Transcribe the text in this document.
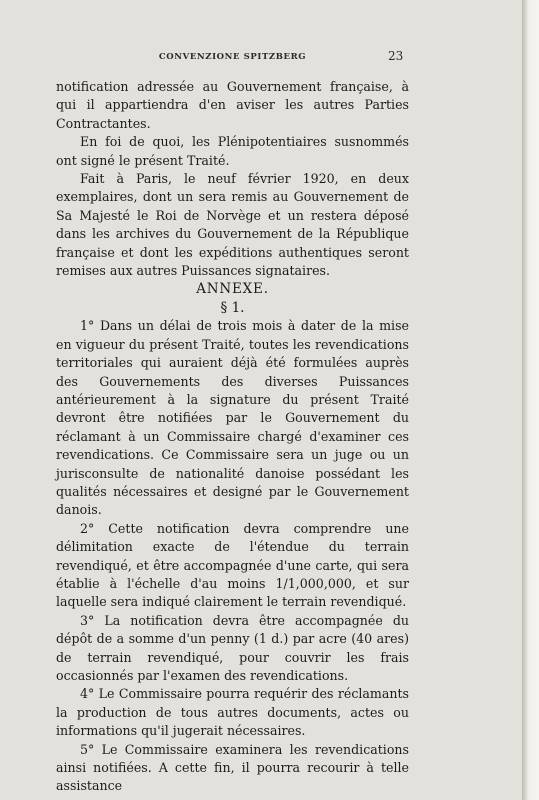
CONVENZIONE SPITZBERG	23

notification adressée au Gouvernement française, à qui il appartiendra d'en aviser les autres Parties Contractantes.

En foi de quoi, les Plénipotentiaires susnommés ont signé le présent Traité.

Fait à Paris, le neuf février 1920, en deux exemplaires, dont un sera remis au Gouvernement de Sa Majesté le Roi de Norvège et un restera déposé dans les archives du Gouvernement de la République française et dont les expéditions authentiques seront remises aux autres Puissances signataires.

ANNEXE.

§ 1.

1° Dans un délai de trois mois à dater de la mise en vigueur du présent Traité, toutes les revendications territoriales qui auraient déjà été formulées auprès des Gouvernements des diverses Puissances antérieurement à la signature du présent Traité devront être notifiées par le Gouvernement du réclamant à un Commissaire chargé d'examiner ces revendications. Ce Commissaire sera un juge ou un jurisconsulte de nationalité danoise possédant les qualités nécessaires et designé par le Gouvernement danois.

2° Cette notification devra comprendre une délimitation exacte de l'étendue du terrain revendiqué, et être accompagnée d'une carte, qui sera établie à l'échelle d'au moins 1/1,000,000, et sur laquelle sera indiqué clairement le terrain revendiqué.

3° La notification devra être accompagnée du dépôt de a somme d'un penny (1 d.) par acre (40 ares) de terrain revendiqué, pour couvrir les frais occasionnés par l'examen des revendications.

4° Le Commissaire pourra requérir des réclamants la production de tous autres documents, actes ou informations qu'il jugerait nécessaires.

5° Le Commissaire examinera les revendications ainsi notifiées. A cette fin, il pourra recourir à telle assistance
